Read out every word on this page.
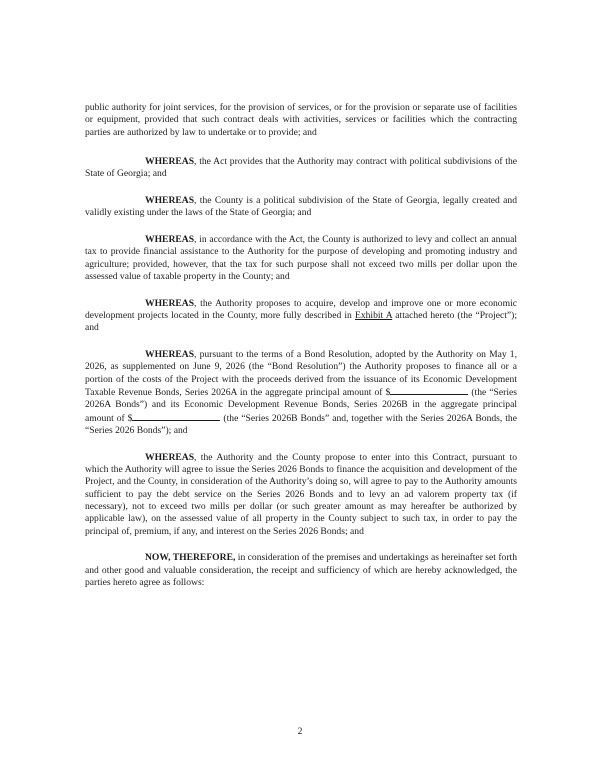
public authority for joint services, for the provision of services, or for the provision or separate use of facilities or equipment, provided that such contract deals with activities, services or facilities which the contracting parties are authorized by law to undertake or to provide; and

WHEREAS, the Act provides that the Authority may contract with political subdivisions of the State of Georgia; and

WHEREAS, the County is a political subdivision of the State of Georgia, legally created and validly existing under the laws of the State of Georgia; and

WHEREAS, in accordance with the Act, the County is authorized to levy and collect an annual tax to provide financial assistance to the Authority for the purpose of developing and promoting industry and agriculture; provided, however, that the tax for such purpose shall not exceed two mills per dollar upon the assessed value of taxable property in the County; and

WHEREAS, the Authority proposes to acquire, develop and improve one or more economic development projects located in the County, more fully described in Exhibit A attached hereto (the “Project”); and

WHEREAS, pursuant to the terms of a Bond Resolution, adopted by the Authority on May 1, 2026, as supplemented on June 9, 2026 (the “Bond Resolution”) the Authority proposes to finance all or a portion of the costs of the Project with the proceeds derived from the issuance of its Economic Development Taxable Revenue Bonds, Series 2026A in the aggregate principal amount of $	(the “Series 2026A Bonds”) and its Economic Development Revenue Bonds, Series 2026B in the aggregate principal amount of $	(the “Series 2026B Bonds” and, together with the Series 2026A Bonds, the “Series 2026 Bonds”); and

WHEREAS, the Authority and the County propose to enter into this Contract, pursuant to which the Authority will agree to issue the Series 2026 Bonds to finance the acquisition and development of the Project, and the County, in consideration of the Authority’s doing so, will agree to pay to the Authority amounts sufficient to pay the debt service on the Series 2026 Bonds and to levy an ad valorem property tax (if necessary), not to exceed two mills per dollar (or such greater amount as may hereafter be authorized by applicable law), on the assessed value of all property in the County subject to such tax, in order to pay the principal of, premium, if any, and interest on the Series 2026 Bonds; and

NOW, THEREFORE, in consideration of the premises and undertakings as hereinafter set forth and other good and valuable consideration, the receipt and sufficiency of which are hereby acknowledged, the parties hereto agree as follows:

2
